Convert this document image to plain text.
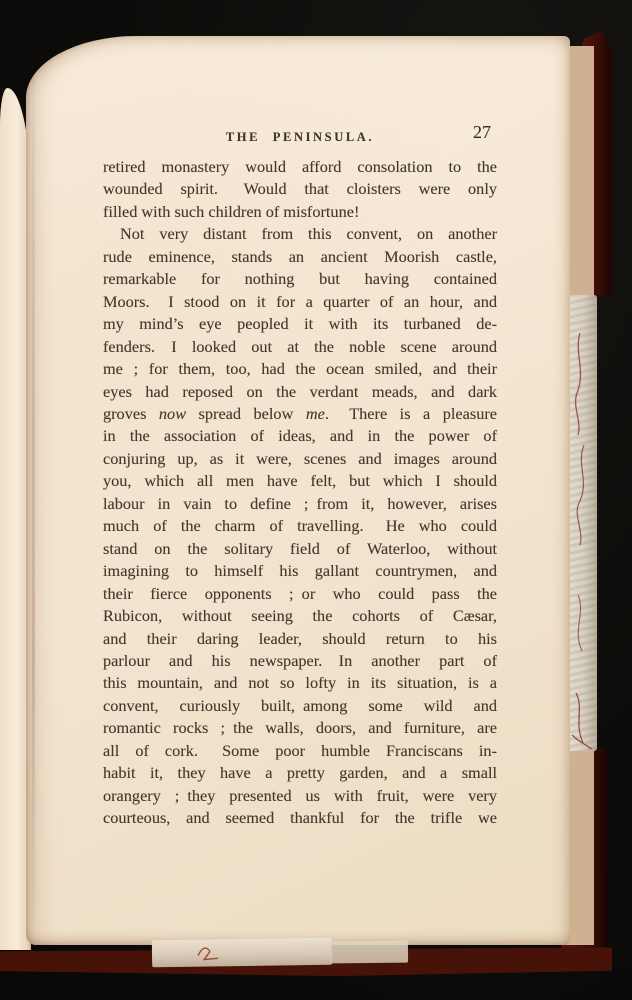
THE PENINSULA.	27
retired monastery would afford consolation to the
wounded spirit.  Would that cloisters were only
filled with such children of misfortune!
Not very distant from this convent, on another
rude eminence, stands an ancient Moorish castle,
remarkable for nothing but having contained
Moors.  I stood on it for a quarter of an hour, and
my mind’s eye peopled it with its turbaned de-
fenders.  I looked out at the noble scene around
me ; for them, too, had the ocean smiled, and their
eyes had reposed on the verdant meads, and dark
groves now spread below me.  There is a pleasure
in the association of ideas, and in the power of
conjuring up, as it were, scenes and images around
you, which all men have felt, but which I should
labour in vain to define ; from it, however, arises
much of the charm of travelling.  He who could
stand on the solitary field of Waterloo, without
imagining to himself his gallant countrymen, and
their fierce opponents ; or who could pass the
Rubicon, without seeing the cohorts of Cæsar,
and their daring leader, should return to his
parlour and his newspaper.  In another part of
this mountain, and not so lofty in its situation, is a
convent, curiously built, among some wild and
romantic rocks ; the walls, doors, and furniture, are
all of cork.  Some poor humble Franciscans in-
habit it, they have a pretty garden, and a small
orangery ; they presented us with fruit, were very
courteous, and seemed thankful for the trifle we
